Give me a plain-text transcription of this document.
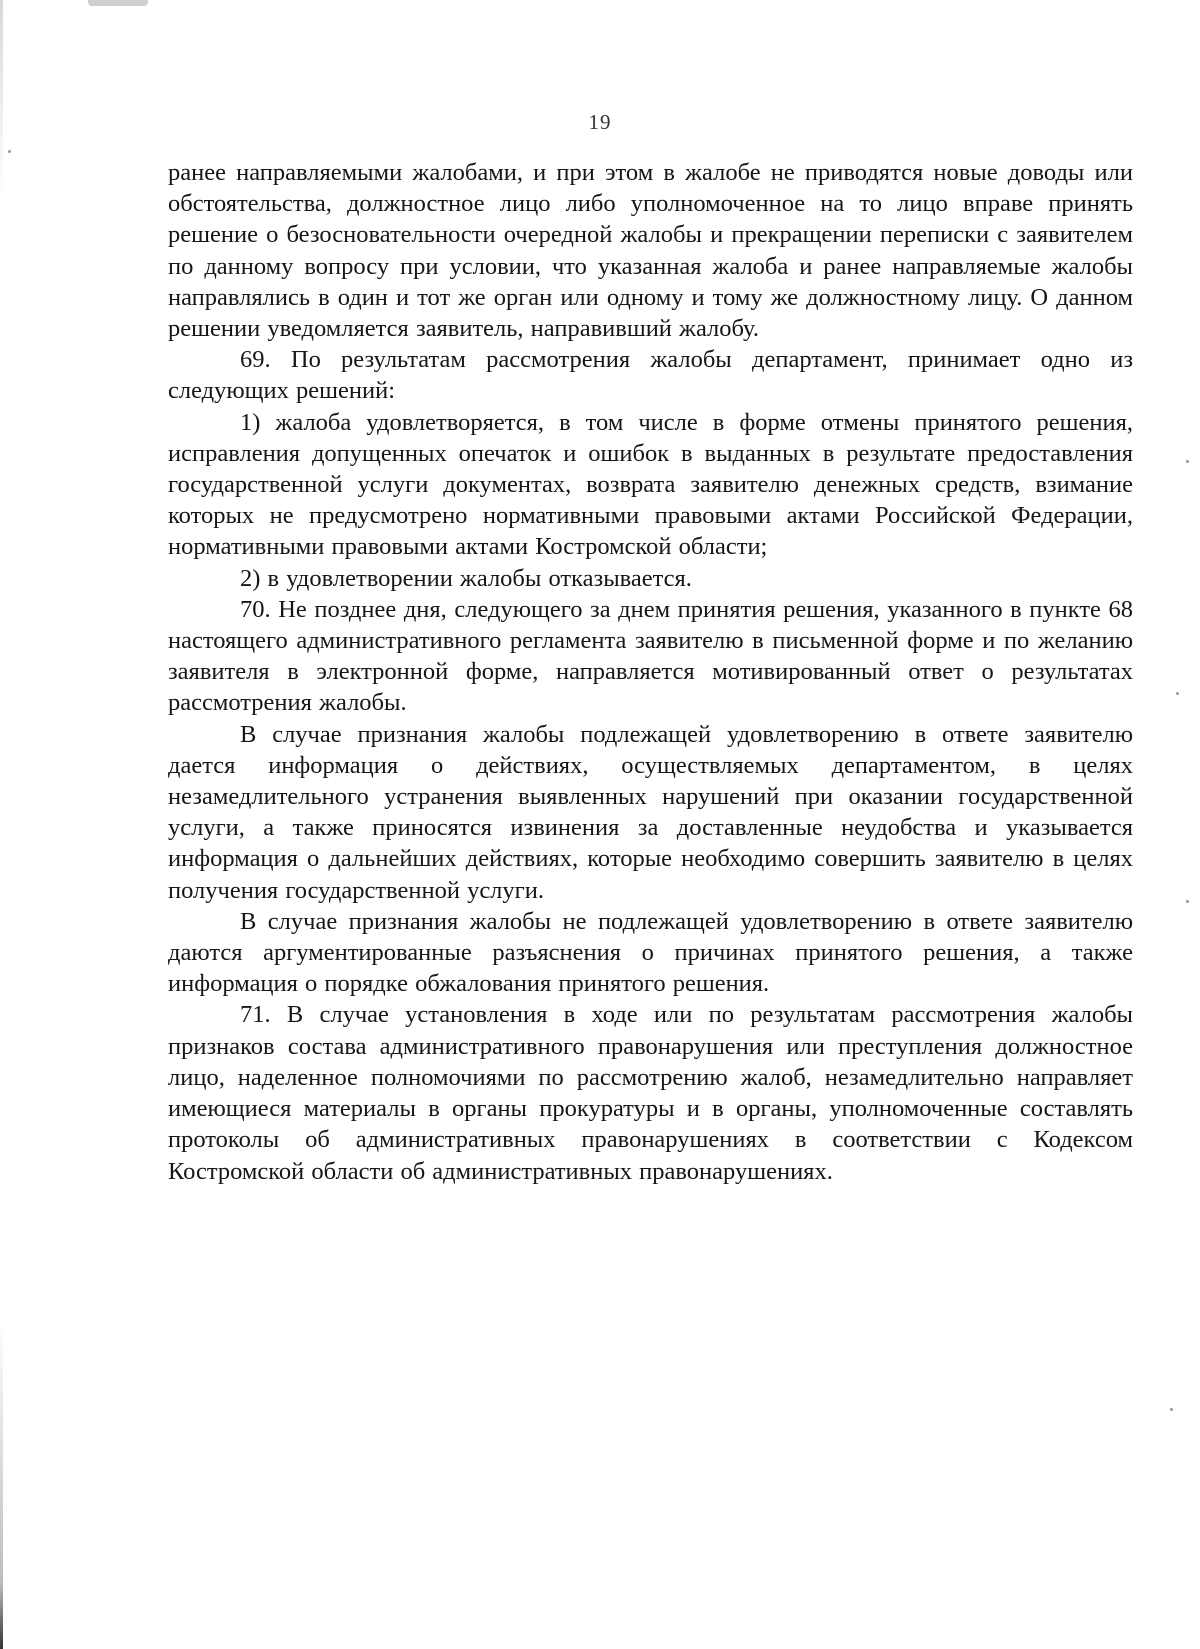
19

ранее направляемыми жалобами, и при этом в жалобе не приводятся новые доводы или обстоятельства, должностное лицо либо уполномоченное на то лицо вправе принять решение о безосновательности очередной жалобы и прекращении переписки с заявителем по данному вопросу при условии, что указанная жалоба и ранее направляемые жалобы направлялись в один и тот же орган или одному и тому же должностному лицу. О данном решении уведомляется заявитель, направивший жалобу.

69. По результатам рассмотрения жалобы департамент, принимает одно из следующих решений:

1) жалоба удовлетворяется, в том числе в форме отмены принятого решения, исправления допущенных опечаток и ошибок в выданных в результате предоставления государственной услуги документах, возврата заявителю денежных средств, взимание которых не предусмотрено нормативными правовыми актами Российской Федерации, нормативными правовыми актами Костромской области;

2) в удовлетворении жалобы отказывается.

70. Не позднее дня, следующего за днем принятия решения, указанного в пункте 68 настоящего административного регламента заявителю в письменной форме и по желанию заявителя в электронной форме, направляется мотивированный ответ о результатах рассмотрения жалобы.

В случае признания жалобы подлежащей удовлетворению в ответе заявителю дается информация о действиях, осуществляемых департаментом, в целях незамедлительного устранения выявленных нарушений при оказании государственной услуги, а также приносятся извинения за доставленные неудобства и указывается информация о дальнейших действиях, которые необходимо совершить заявителю в целях получения государственной услуги.

В случае признания жалобы не подлежащей удовлетворению в ответе заявителю даются аргументированные разъяснения о причинах принятого решения, а также информация о порядке обжалования принятого решения.

71. В случае установления в ходе или по результатам рассмотрения жалобы признаков состава административного правонарушения или преступления должностное лицо, наделенное полномочиями по рассмотрению жалоб, незамедлительно направляет имеющиеся материалы в органы прокуратуры и в органы, уполномоченные составлять протоколы об административных правонарушениях в соответствии с Кодексом Костромской области об административных правонарушениях.
